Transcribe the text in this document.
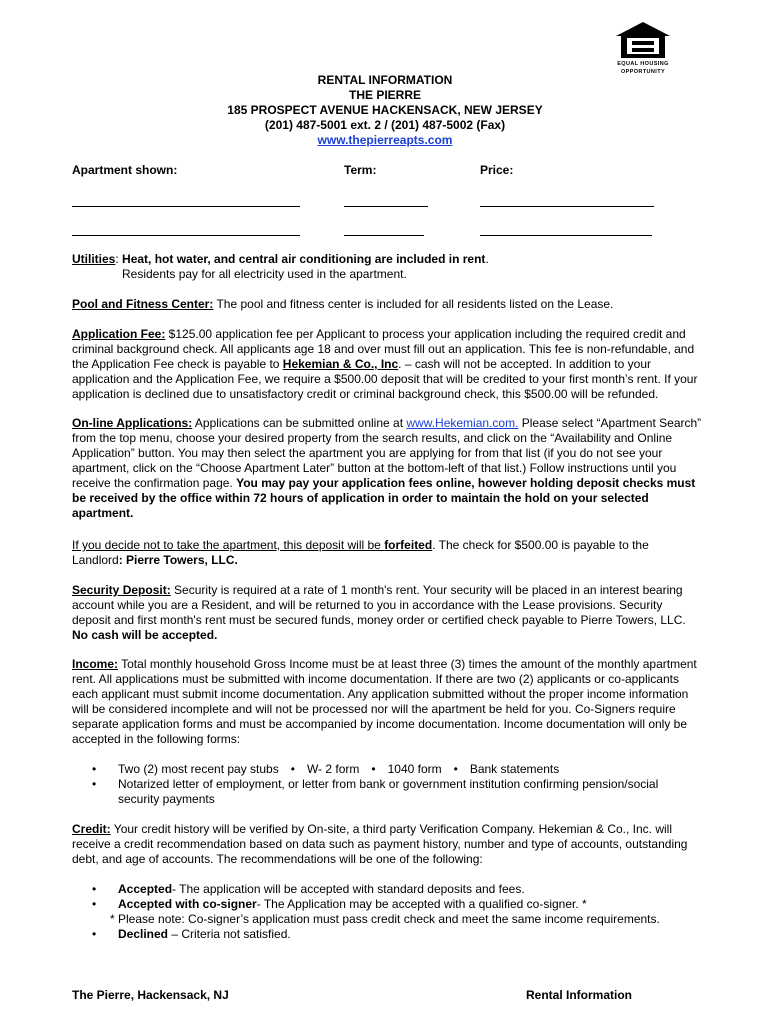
EQUAL HOUSING
OPPORTUNITY
RENTAL INFORMATION
THE PIERRE
185 PROSPECT AVENUE HACKENSACK, NEW JERSEY
(201) 487-5001 ext. 2 / (201) 487-5002 (Fax)
www.thepierreapts.com
Apartment shown:	Term:	Price:

Utilities: Heat, hot water, and central air conditioning are included in rent.

Residents pay for all electricity used in the apartment.

Pool and Fitness Center: The pool and fitness center is included for all residents listed on the Lease.

Application Fee: $125.00 application fee per Applicant to process your application including the required credit and criminal background check. All applicants age 18 and over must fill out an application. This fee is non-refundable, and the Application Fee check is payable to Hekemian & Co., Inc. – cash will not be accepted. In addition to your application and the Application Fee, we require a $500.00 deposit that will be credited to your first month’s rent. If your application is declined due to unsatisfactory credit or criminal background check, this $500.00 will be refunded.

On-line Applications: Applications can be submitted online at www.Hekemian.com. Please select “Apartment Search” from the top menu, choose your desired property from the search results, and click on the “Availability and Online Application” button. You may then select the apartment you are applying for from that list (if you do not see your apartment, click on the “Choose Apartment Later” button at the bottom-left of that list.) Follow instructions until you receive the confirmation page. You may pay your application fees online, however holding deposit checks must be received by the office within 72 hours of application in order to maintain the hold on your selected apartment.

If you decide not to take the apartment, this deposit will be forfeited. The check for $500.00 is payable to the Landlord: Pierre Towers, LLC.

Security Deposit: Security is required at a rate of 1 month's rent. Your security will be placed in an interest bearing account while you are a Resident, and will be returned to you in accordance with the Lease provisions. Security deposit and first month's rent must be secured funds, money order or certified check payable to Pierre Towers, LLC. No cash will be accepted.

Income: Total monthly household Gross Income must be at least three (3) times the amount of the monthly apartment rent. All applications must be submitted with income documentation. If there are two (2) applicants or co-applicants each applicant must submit income documentation. Any application submitted without the proper income information will be considered incomplete and will not be processed nor will the apartment be held for you. Co-Signers require separate application forms and must be accompanied by income documentation. Income documentation will only be accepted in the following forms:

• Two (2) most recent pay stubs • W- 2 form • 1040 form • Bank statements
• Notarized letter of employment, or letter from bank or government institution confirming pension/social security payments

Credit: Your credit history will be verified by On-site, a third party Verification Company. Hekemian & Co., Inc. will receive a credit recommendation based on data such as payment history, number and type of accounts, outstanding debt, and age of accounts. The recommendations will be one of the following:

• Accepted- The application will be accepted with standard deposits and fees.
• Accepted with co-signer- The Application may be accepted with a qualified co-signer. *
* Please note: Co-signer’s application must pass credit check and meet the same income requirements.
• Declined – Criteria not satisfied.
The Pierre, Hackensack, NJ	Rental Information
